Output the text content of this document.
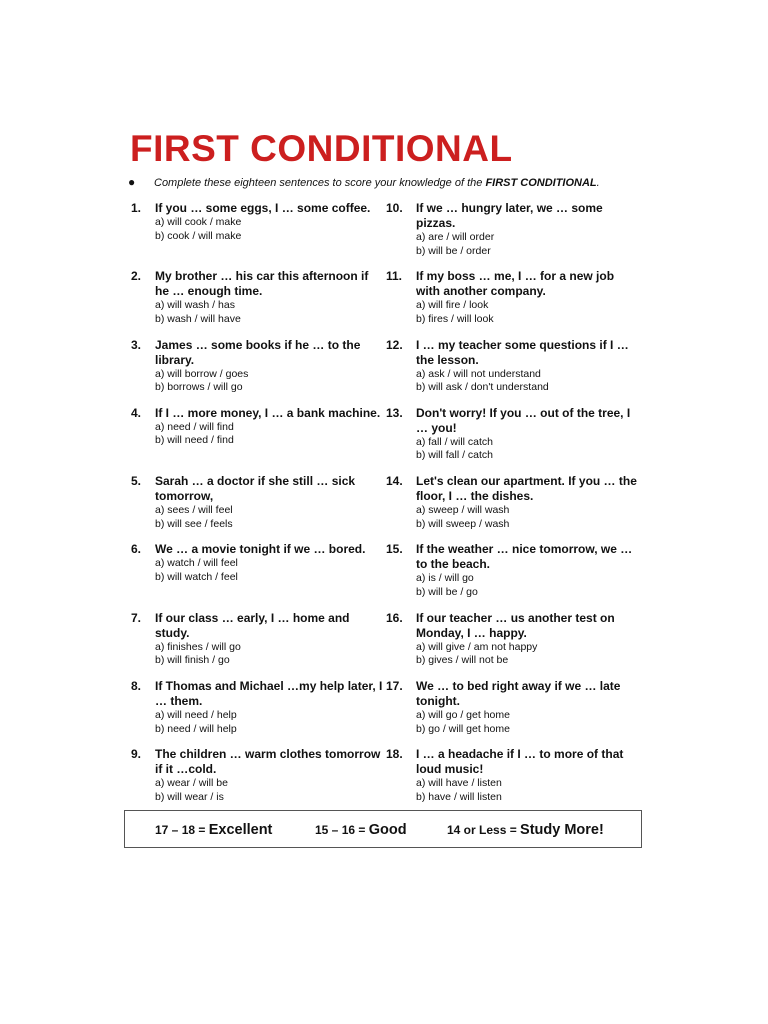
FIRST CONDITIONAL
● Complete these eighteen sentences to score your knowledge of the FIRST CONDITIONAL.
1. If you … some eggs, I … some coffee.
a) will cook / make
b) cook / will make
2. My brother … his car this afternoon if he … enough time.
a) will wash / has
b) wash / will have
3. James … some books if he … to the library.
a) will borrow / goes
b) borrows / will go
4. If I … more money, I … a bank machine.
a) need / will find
b) will need / find
5. Sarah … a doctor if she still … sick tomorrow,
a) sees / will feel
b) will see / feels
6. We … a movie tonight if we … bored.
a) watch / will feel
b) will watch / feel
7. If our class … early, I … home and study.
a) finishes / will go
b) will finish / go
8. If Thomas and Michael …my help later, I … them.
a) will need / help
b) need / will help
9. The children … warm clothes tomorrow if it …cold.
a) wear / will be
b) will wear / is
10. If we … hungry later, we … some pizzas.
a) are / will order
b) will be / order
11. If my boss … me, I … for a new job with another company.
a) will fire / look
b) fires / will look
12. I … my teacher some questions if I … the lesson.
a) ask / will not understand
b) will ask / don't understand
13. Don't worry! If you … out of the tree, I … you!
a) fall / will catch
b) will fall / catch
14. Let's clean our apartment. If you … the floor, I … the dishes.
a) sweep / will wash
b) will sweep / wash
15. If the weather … nice tomorrow, we … to the beach.
a) is / will go
b) will be / go
16. If our teacher … us another test on Monday, I … happy.
a) will give / am not happy
b) gives / will not be
17. We … to bed right away if we … late tonight.
a) will go / get home
b) go / will get home
18. I … a headache if I … to more of that loud music!
a) will have / listen
b) have / will listen
17 – 18 = Excellent	15 – 16 = Good	14 or Less = Study More!
